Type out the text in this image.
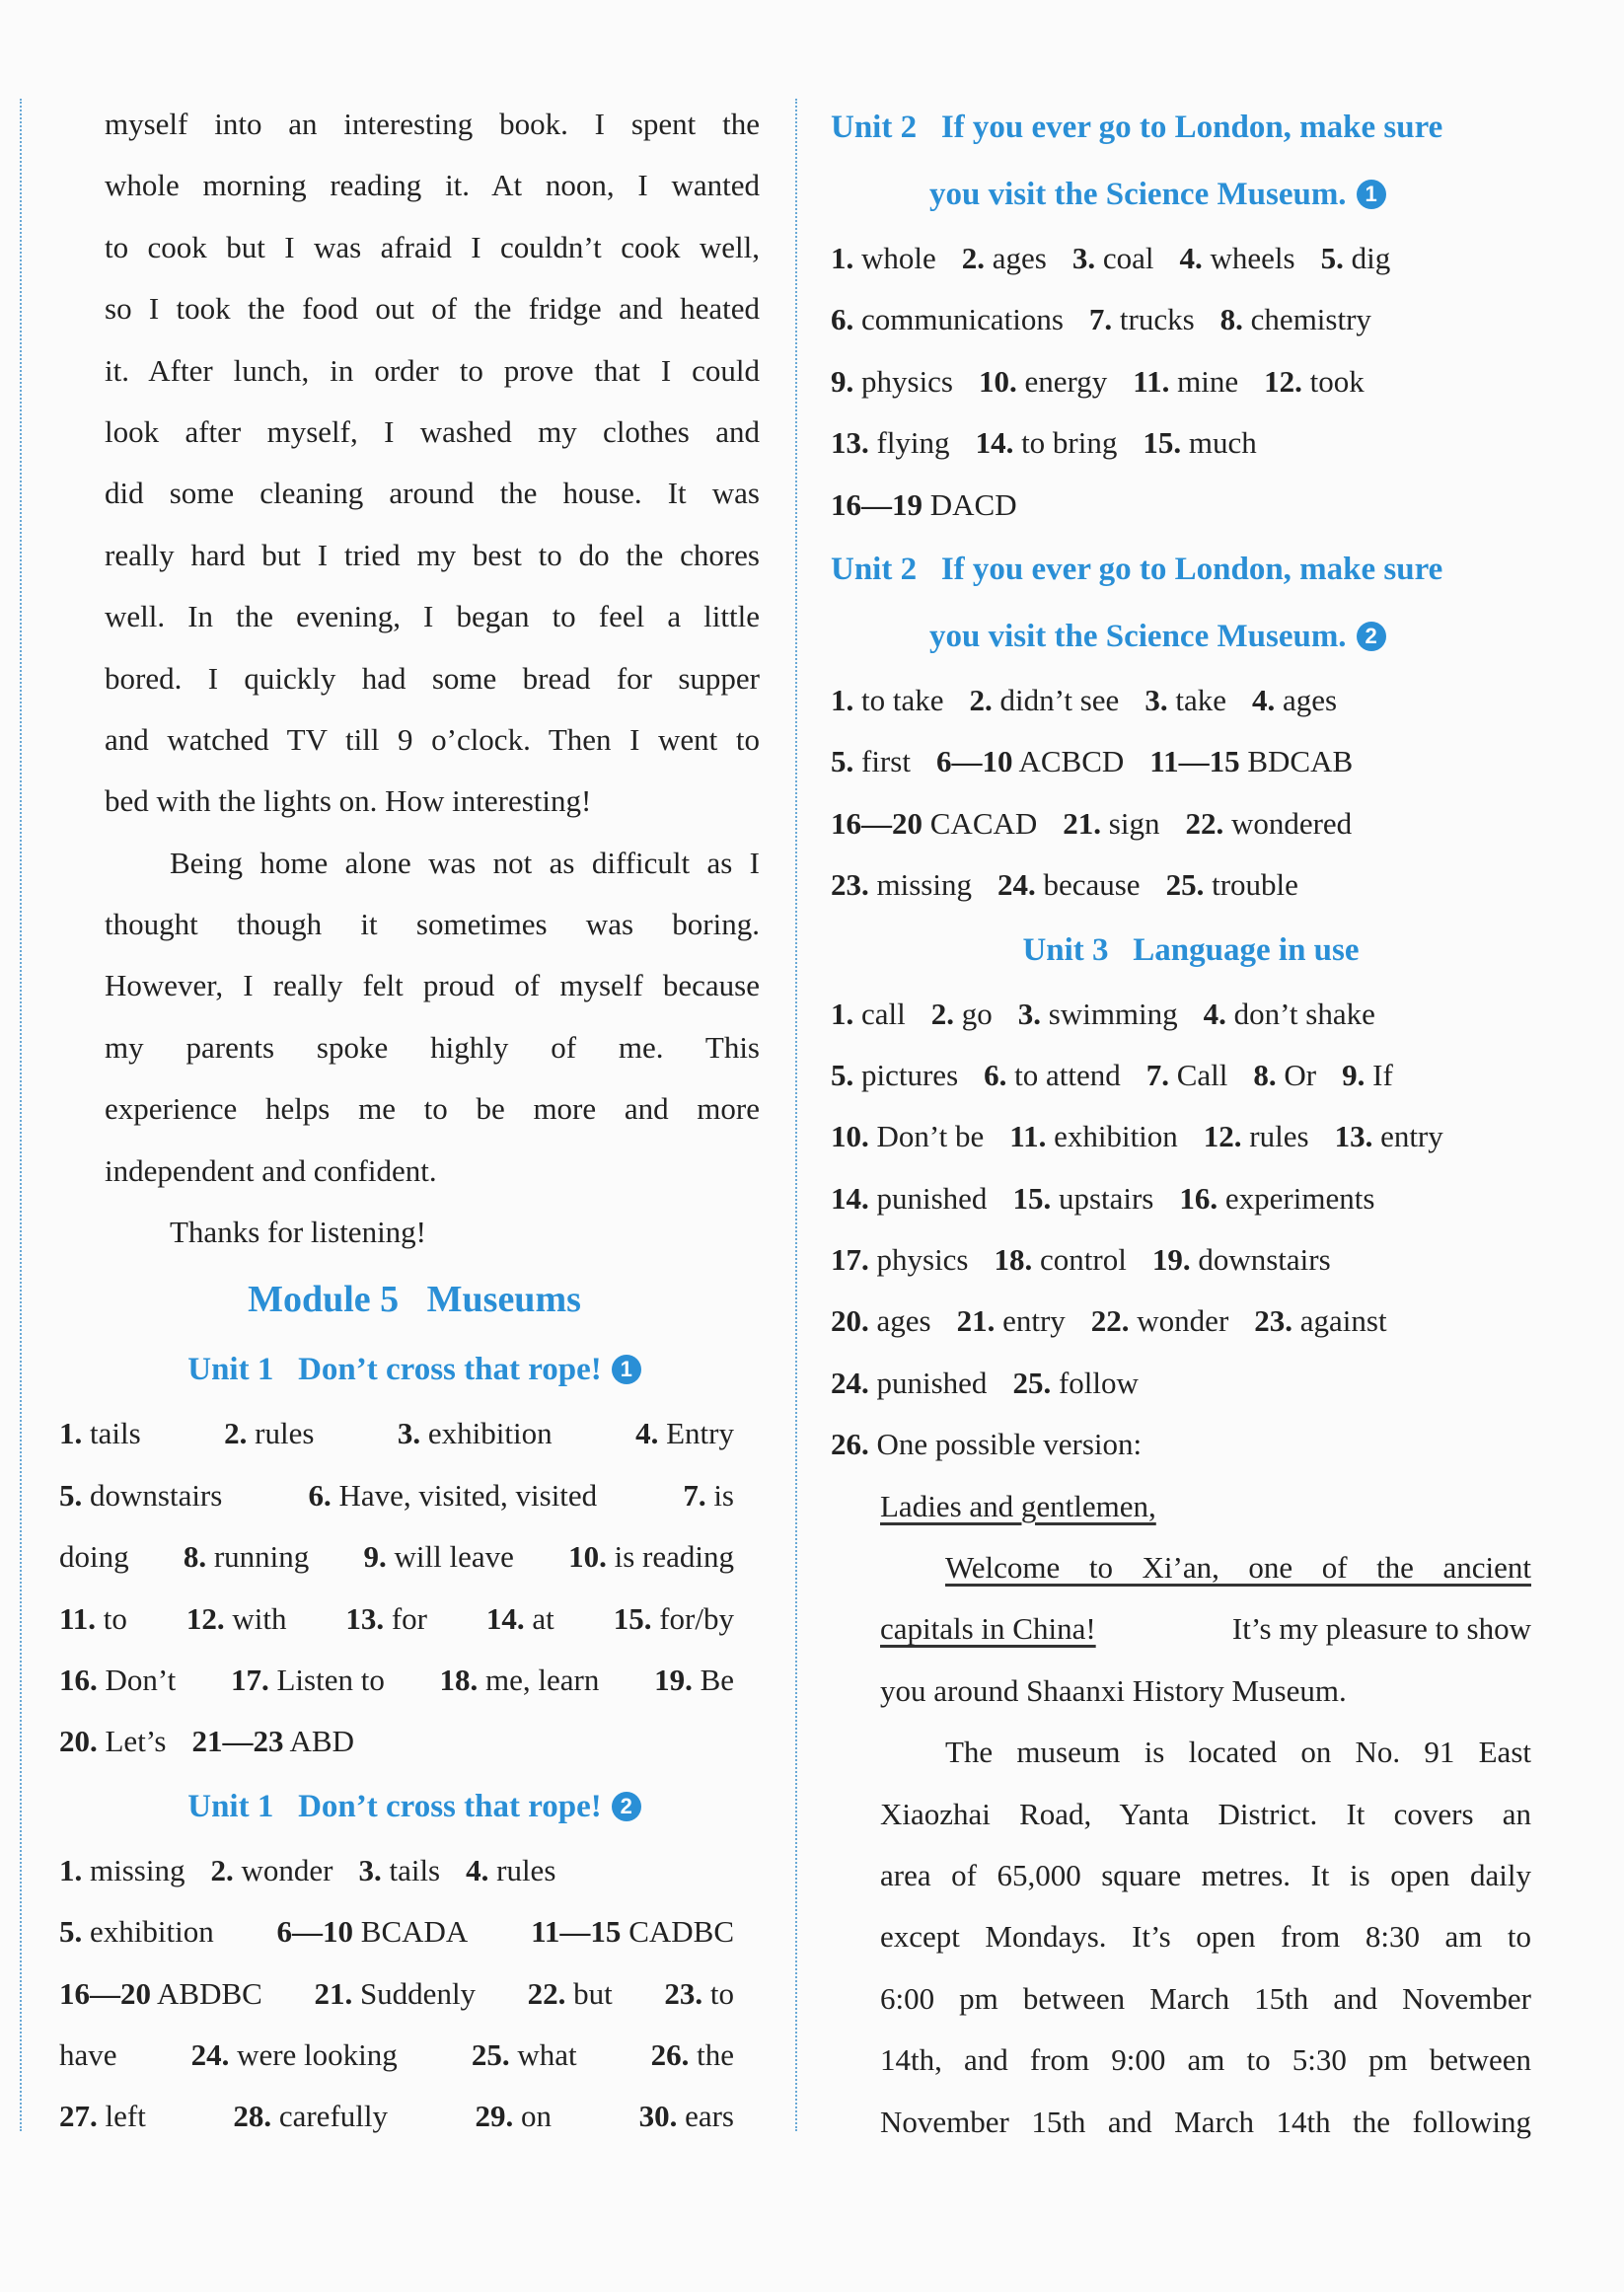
myself into an interesting book. I spent the
whole morning reading it. At noon, I wanted
to cook but I was afraid I couldn’t cook well,
so I took the food out of the fridge and heated
it. After lunch, in order to prove that I could
look after myself, I washed my clothes and
did some cleaning around the house. It was
really hard but I tried my best to do the chores
well. In the evening, I began to feel a little
bored. I quickly had some bread for supper
and watched TV till 9 o’clock. Then I went to
bed with the lights on. How interesting!
Being home alone was not as difficult as I
thought though it sometimes was boring.
However, I really felt proud of myself because
my parents spoke highly of me. This
experience helps me to be more and more
independent and confident.
Thanks for listening!
Module 5   Museums
Unit 1   Don’t cross that rope! 1
1. tails	2. rules	3. exhibition	4. Entry
5. downstairs	6. Have, visited, visited	7. is
doing 8. running 9. will leave 10. is reading
11. to 12. with 13. for 14. at 15. for/by
16. Don’t 17. Listen to 18. me, learn 19. Be
20. Let’s 21—23 ABD
Unit 1   Don’t cross that rope! 2
1. missing 2. wonder 3. tails 4. rules
5. exhibition 6—10 BCADA 11—15 CADBC
16—20 ABDBC 21. Suddenly 22. but 23. to
have 24. were looking 25. what 26. the
27. left	28. carefully	29. on	30. ears
Unit 2   If you ever go to London, make sure
you visit the Science Museum. 1
1. whole 2. ages 3. coal 4. wheels 5. dig
6. communications 7. trucks 8. chemistry
9. physics 10. energy 11. mine 12. took
13. flying 14. to bring 15. much
16—19 DACD
Unit 2   If you ever go to London, make sure
you visit the Science Museum. 2
1. to take 2. didn’t see 3. take 4. ages
5. first 6—10 ACBCD 11—15 BDCAB
16—20 CACAD 21. sign 22. wondered
23. missing 24. because 25. trouble
Unit 3   Language in use
1. call 2. go 3. swimming 4. don’t shake
5. pictures 6. to attend 7. Call 8. Or 9. If
10. Don’t be 11. exhibition 12. rules 13. entry
14. punished 15. upstairs 16. experiments
17. physics 18. control 19. downstairs
20. ages 21. entry 22. wonder 23. against
24. punished 25. follow
26. One possible version:
Ladies and gentlemen,
Welcome to Xi’an, one of the ancient
capitals in China!	It’s my pleasure to show
you around Shaanxi History Museum.
The museum is located on No. 91 East
Xiaozhai Road, Yanta District. It covers an
area of 65,000 square metres. It is open daily
except Mondays. It’s open from 8:30 am to
6:00 pm between March 15th and November
14th, and from 9:00 am to 5:30 pm between
November 15th and March 14th the following
